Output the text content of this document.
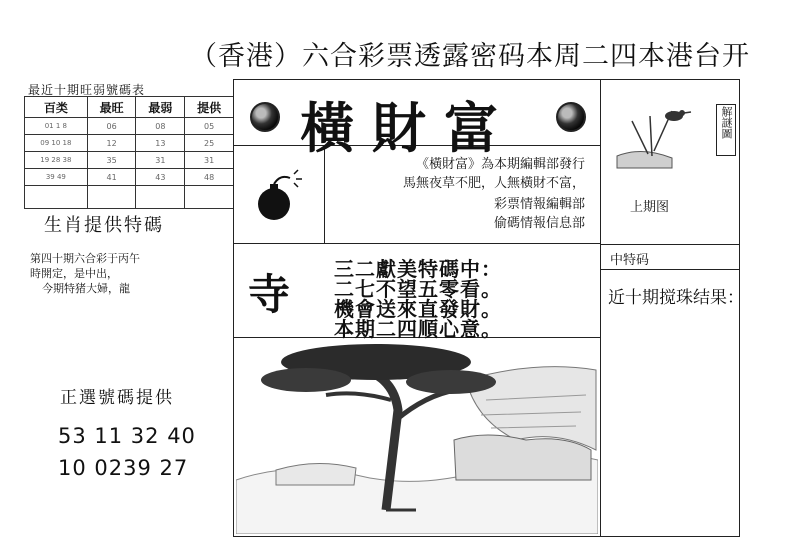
（香港）六合彩票透露密码本周二四本港台开
最近十期旺弱號碼表
百类	最旺	最弱	提供
01 1 8	06	08	05
09 10 18	12	13	25
19 28 38	35	31	31
39 49	41	43	48

生肖提供特碼
第四十期六合彩于丙午
時開定，是中出，
今期特猪大婦，龍
正選號碼提供
53 11 32 40
10 0239 27
橫財富
《橫財富》為本期編輯部發行
馬無夜草不肥，人無橫財不富，
彩票情報編輯部
偷碼情報信息部
寺
三二獻美特碼中：
二七不望五零看。
機會送來直發財。
本期二四順心意。
解謎圖
上期图
中特码
近十期搅珠结果：
